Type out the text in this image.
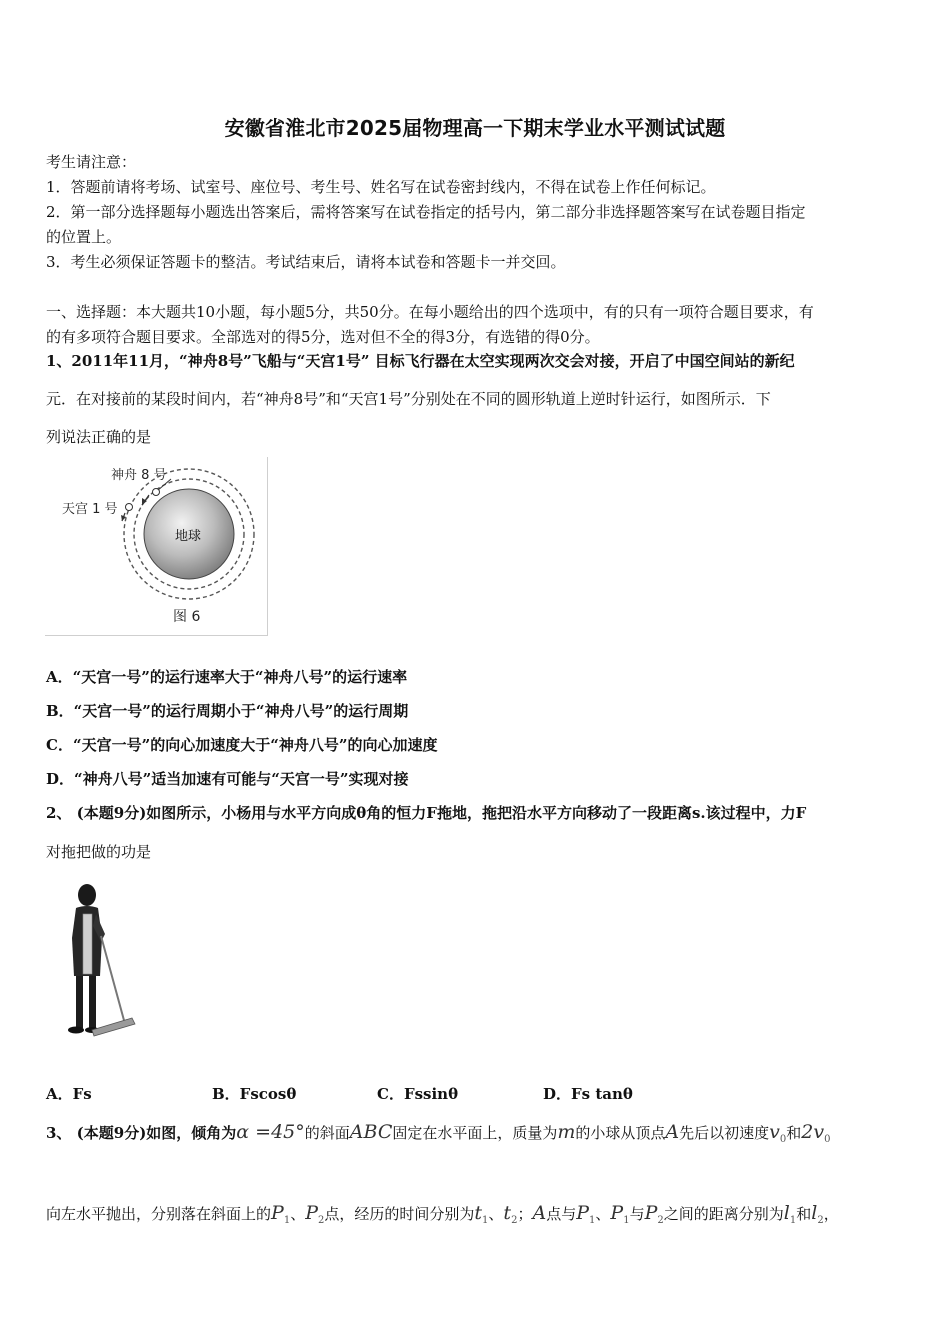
安徽省淮北市2025届物理高一下期末学业水平测试试题
考生请注意：
1．答题前请将考场、试室号、座位号、考生号、姓名写在试卷密封线内，不得在试卷上作任何标记。
2．第一部分选择题每小题选出答案后，需将答案写在试卷指定的括号内，第二部分非选择题答案写在试卷题目指定
的位置上。
3．考生必须保证答题卡的整洁。考试结束后，请将本试卷和答题卡一并交回。
一、选择题：本大题共10小题，每小题5分，共50分。在每小题给出的四个选项中，有的只有一项符合题目要求，有
的有多项符合题目要求。全部选对的得5分，选对但不全的得3分，有选错的得0分。
1、2011年11月，“神舟8号”飞船与“天宫1号” 目标飞行器在太空实现两次交会对接，开启了中国空间站的新纪
元．在对接前的某段时间内，若“神舟8号”和“天宫1号”分别处在不同的圆形轨道上逆时针运行，如图所示．下
列说法正确的是
神舟 8 号
天宫 1 号
地球
图 6
A．“天宫一号”的运行速率大于“神舟八号”的运行速率
B．“天宫一号”的运行周期小于“神舟八号”的运行周期
C．“天宫一号”的向心加速度大于“神舟八号”的向心加速度
D．“神舟八号”适当加速有可能与“天宫一号”实现对接
2、 (本题9分)如图所示，小杨用与水平方向成θ角的恒力F拖地，拖把沿水平方向移动了一段距离s.该过程中，力F
对拖把做的功是
A．Fs	B．Fscosθ	C．Fssinθ	D．Fs tanθ
3、 (本题9分)如图，倾角为α =45°的斜面ABC固定在水平面上，质量为m的小球从顶点A先后以初速度$v_0$和$2v_0$
向左水平抛出，分别落在斜面上的$P_1$、$P_2$点，经历的时间分别为$t_1$、$t_2$；A点与$P_1$、$P_1$与$P_2$之间的距离分别为$l_1$和$l_2$，
